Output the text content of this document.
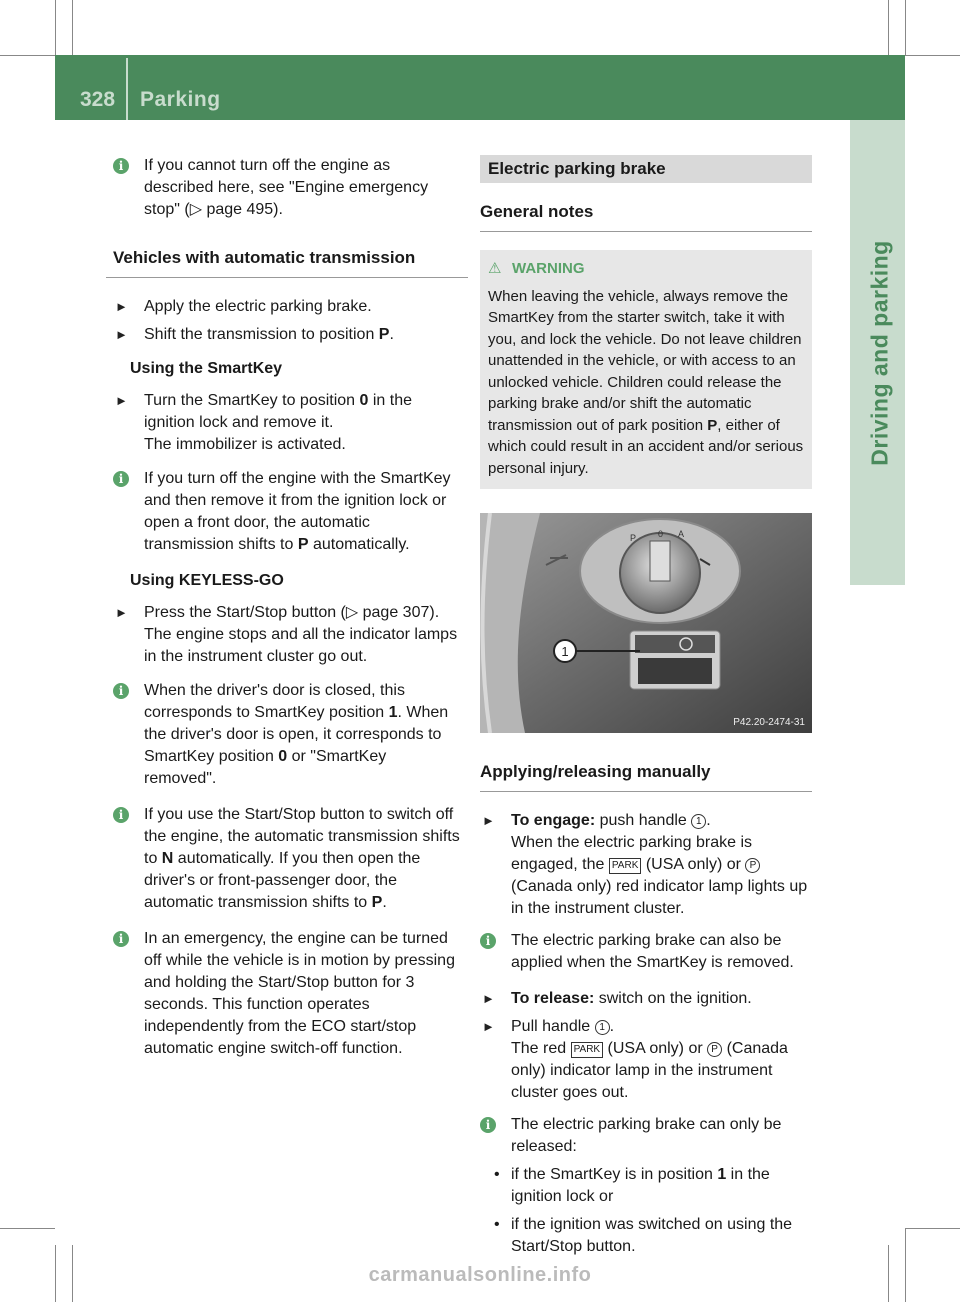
328 Parking
Driving and parking
i	If you cannot turn off the engine as described here, see "Engine emergency stop" (▷ page 495).

Vehicles with automatic transmission
► Apply the electric parking brake.

► Shift the transmission to position P.

Using the SmartKey
► Turn the SmartKey to position 0 in the ignition lock and remove it.

The immobilizer is activated.

i	If you turn off the engine with the SmartKey and then remove it from the ignition lock or open a front door, the automatic transmission shifts to P automatically.

Using KEYLESS-GO
► Press the Start/Stop button (▷ page 307).

The engine stops and all the indicator lamps in the instrument cluster go out.

i	When the driver's door is closed, this corresponds to SmartKey position 1. When the driver's door is open, it corresponds to SmartKey position 0 or "SmartKey removed".

i	If you use the Start/Stop button to switch off the engine, the automatic transmission shifts to N automatically. If you then open the driver's or front-passenger door, the automatic transmission shifts to P.

i	In an emergency, the engine can be turned off while the vehicle is in motion by pressing and holding the Start/Stop button for 3 seconds. This function operates independently from the ECO start/stop automatic engine switch-off function.

Electric parking brake
General notes
⚠ WARNING

When leaving the vehicle, always remove the SmartKey from the starter switch, take it with you, and lock the vehicle. Do not leave children unattended in the vehicle, or with access to an unlocked vehicle. Children could release the parking brake and/or shift the automatic transmission out of park position P, either of which could result in an accident and/or serious personal injury.

P 0 A
1
P42.20-2474-31
Applying/releasing manually
► To engage: push handle 1 .

When the electric parking brake is engaged, the PARK (USA only) or P (Canada only) red indicator lamp lights up in the instrument cluster.

i	The electric parking brake can also be applied when the SmartKey is removed.

► To release: switch on the ignition.

► Pull handle 1 .

The red PARK (USA only) or P (Canada only) indicator lamp in the instrument cluster goes out.

i	The electric parking brake can only be released:

• if the SmartKey is in position 1 in the ignition lock or

• if the ignition was switched on using the Start/Stop button.

carmanualsonline.info
